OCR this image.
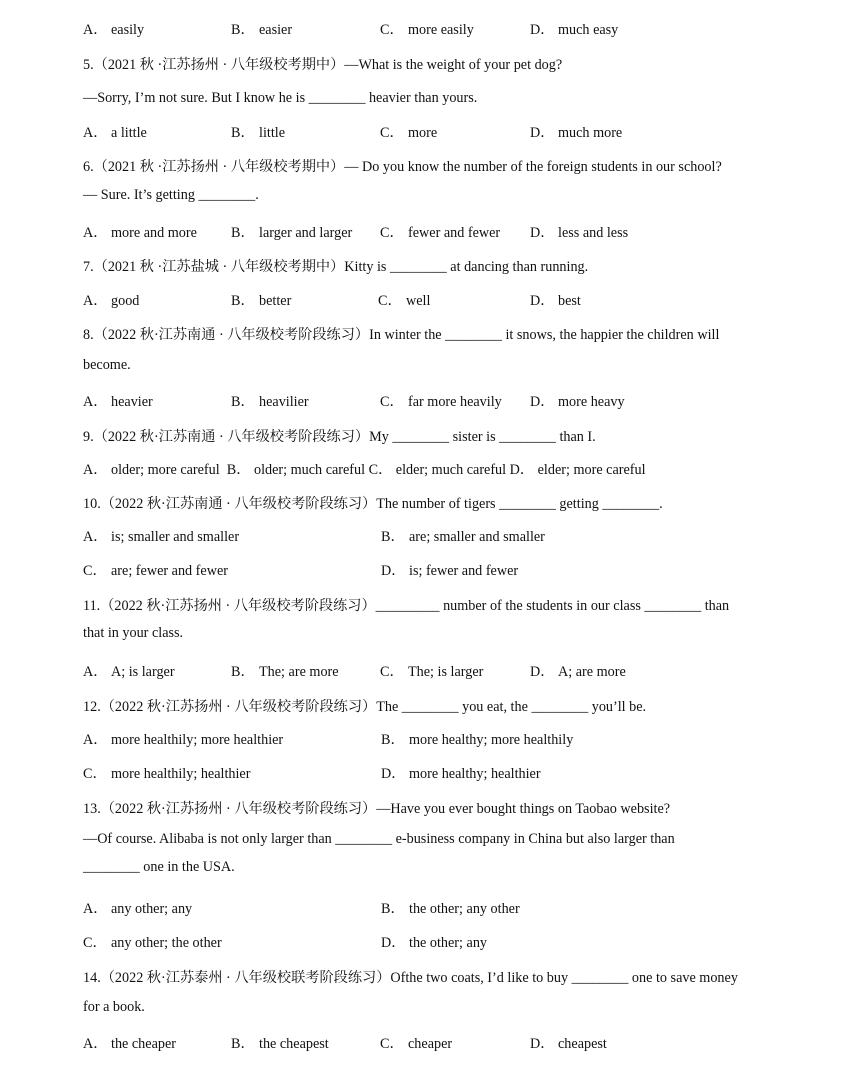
A． easily	B． easier	C． more easily	D． much easy
5.（2021 秋 ·江苏扬州 · 八年级校考期中）—What is the weight of your pet dog?
—Sorry, I’m not sure. But I know he is ________ heavier than yours.
A． a little	B． little	C． more	D． much more
6.（2021 秋 ·江苏扬州 · 八年级校考期中）— Do you know the number of the foreign students in our school?
— Sure. It’s getting ________.
A． more and more B． larger and larger C． fewer and fewer D． less and less
7.（2021 秋 ·江苏盐城 · 八年级校考期中）Kitty is ________ at dancing than running.
A． good	B． better	C． well	D． best
8.（2022 秋·江苏南通 · 八年级校考阶段练习）In winter the ________ it snows, the happier the children will
become.
A． heavier	B． heavilier	C． far more heavily D． more heavy
9.（2022 秋·江苏南通 · 八年级校考阶段练习）My ________ sister is ________ than I.
A． older; more careful  B． older; much careful C． elder; much careful D． elder; more careful
10.（2022 秋·江苏南通 · 八年级校考阶段练习）The number of tigers ________ getting ________.
A． is; smaller and smaller	B． are; smaller and smaller
C． are; fewer and fewer	D． is; fewer and fewer
11.（2022 秋·江苏扬州 · 八年级校考阶段练习）_________ number of the students in our class ________ than
that in your class.
A． A; is larger	B． The; are more	C． The; is larger	D． A; are more
12.（2022 秋·江苏扬州 · 八年级校考阶段练习）The ________ you eat, the ________ you’ll be.
A． more healthily; more healthier	B． more healthy; more healthily
C． more healthily; healthier	D． more healthy; healthier
13.（2022 秋·江苏扬州 · 八年级校考阶段练习）—Have you ever bought things on Taobao website?
—Of course. Alibaba is not only larger than ________ e-business company in China but also larger than
________ one in the USA.
A． any other; any	B． the other; any other
C． any other; the other	D． the other; any
14.（2022 秋·江苏泰州 · 八年级校联考阶段练习）Ofthe two coats, I’d like to buy ________ one to save money
for a book.
A． the cheaper	B． the cheapest	C． cheaper	D． cheapest
